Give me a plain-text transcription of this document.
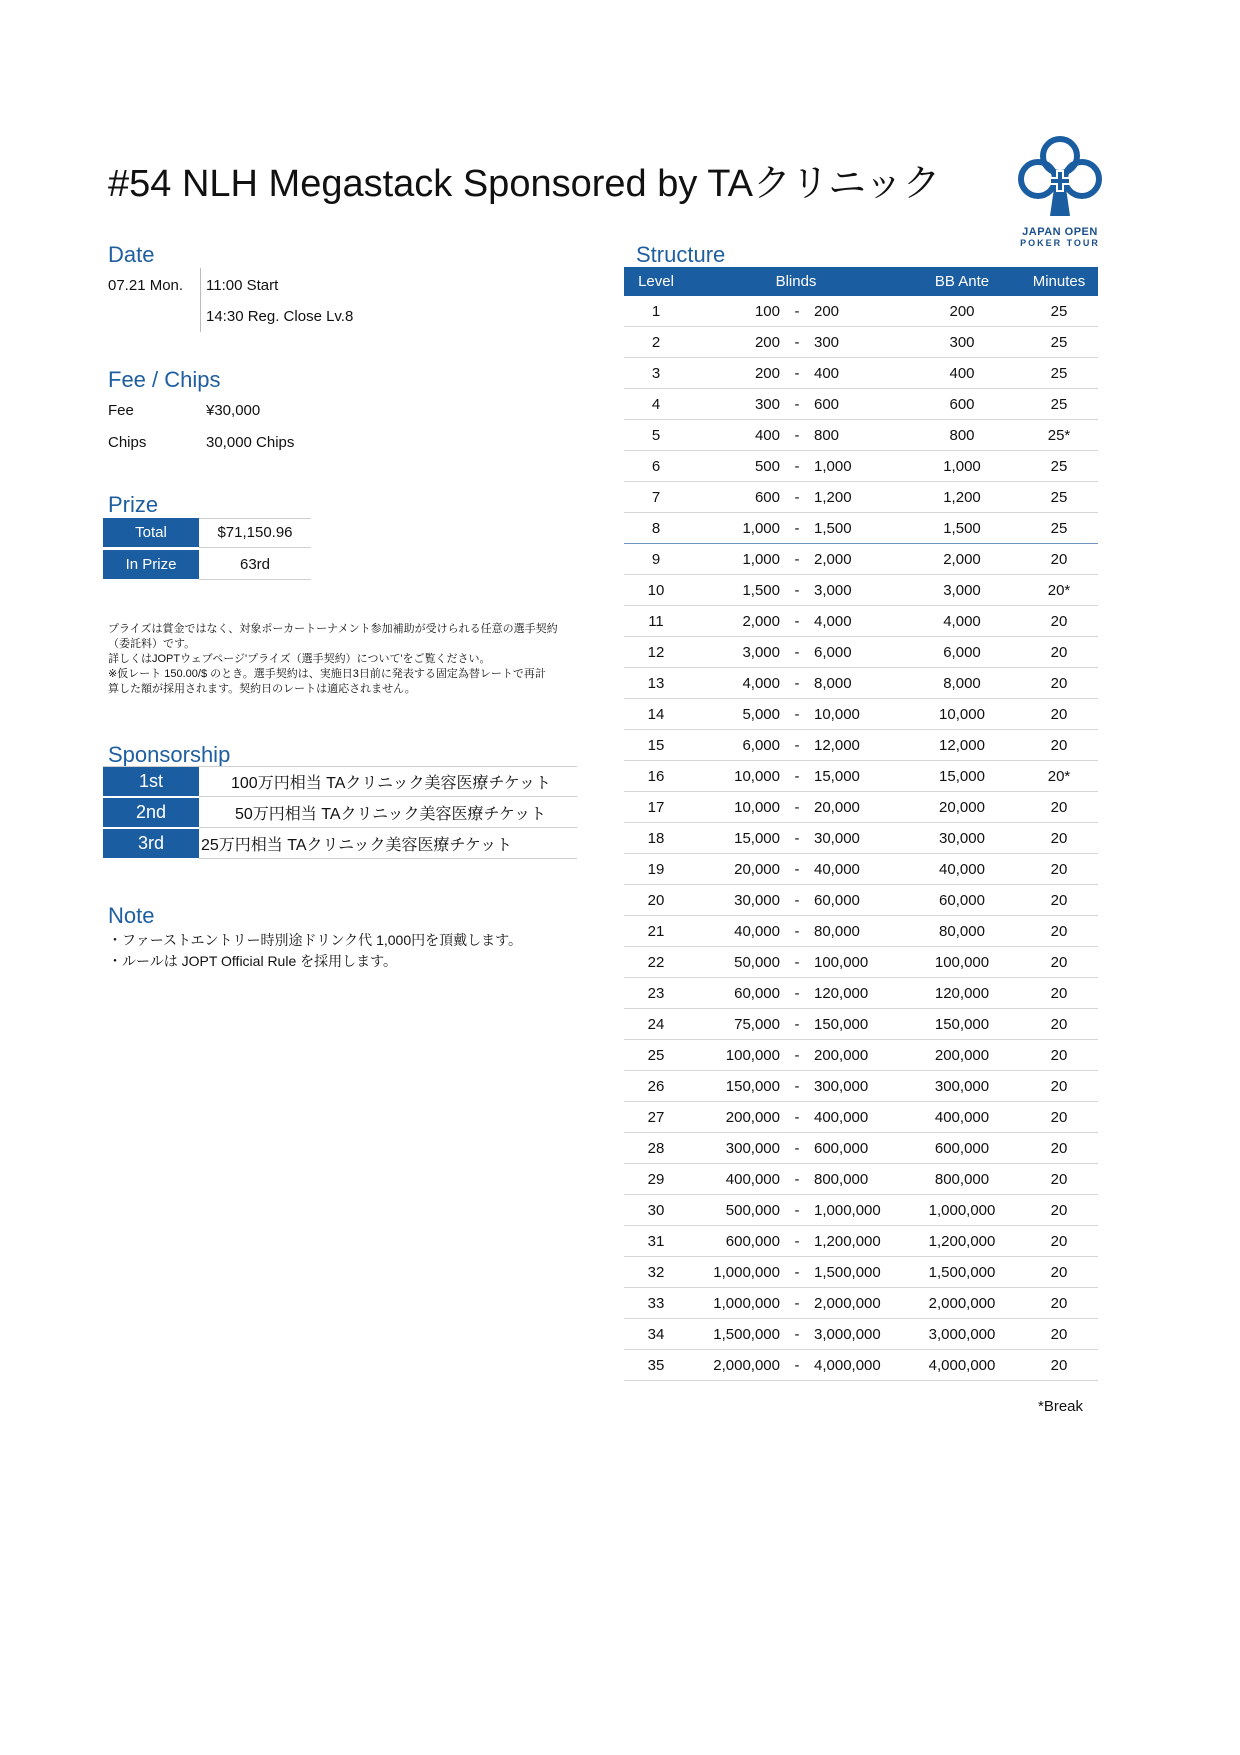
#54 NLH Megastack Sponsored by TAクリニック
JAPAN OPEN
POKER TOUR
Date
07.21 Mon. 11:00 Start
14:30 Reg. Close Lv.8
Fee / Chips
Fee	¥30,000
Chips	30,000 Chips
Prize
Total	$71,150.96
In Prize	63rd
プライズは賞金ではなく、対象ポーカートーナメント参加補助が受けられる任意の選手契約
（委託料）です。
詳しくはJOPTウェブページ'プライズ（選手契約）について'をご覧ください。
※仮レート 150.00/$ のとき。選手契約は、実施日3日前に発表する固定為替レートで再計
算した額が採用されます。契約日のレートは適応されません。
Sponsorship
1st	100万円相当 TAクリニック美容医療チケット
2nd	50万円相当 TAクリニック美容医療チケット
3rd	25万円相当 TAクリニック美容医療チケット
Note
・ファーストエントリー時別途ドリンク代 1,000円を頂戴します。
・ルールは JOPT Official Rule を採用します。
Structure
Level	Blinds	BB Ante	Minutes
1	100 - 200	200	25
2	200 - 300	300	25
3	200 - 400	400	25
4	300 - 600	600	25
5	400 - 800	800	25*
6	500 - 1,000	1,000	25
7	600 - 1,200	1,200	25
8	1,000 - 1,500	1,500	25
9	1,000 - 2,000	2,000	20
10	1,500 - 3,000	3,000	20*
11	2,000 - 4,000	4,000	20
12	3,000 - 6,000	6,000	20
13	4,000 - 8,000	8,000	20
14	5,000 - 10,000	10,000	20
15	6,000 - 12,000	12,000	20
16	10,000 - 15,000	15,000	20*
17	10,000 - 20,000	20,000	20
18	15,000 - 30,000	30,000	20
19	20,000 - 40,000	40,000	20
20	30,000 - 60,000	60,000	20
21	40,000 - 80,000	80,000	20
22	50,000 - 100,000	100,000	20
23	60,000 - 120,000	120,000	20
24	75,000 - 150,000	150,000	20
25	100,000 - 200,000	200,000	20
26	150,000 - 300,000	300,000	20
27	200,000 - 400,000	400,000	20
28	300,000 - 600,000	600,000	20
29	400,000 - 800,000	800,000	20
30	500,000 - 1,000,000	1,000,000	20
31	600,000 - 1,200,000	1,200,000	20
32	1,000,000 - 1,500,000	1,500,000	20
33	1,000,000 - 2,000,000	2,000,000	20
34	1,500,000 - 3,000,000	3,000,000	20
35	2,000,000 - 4,000,000	4,000,000	20
*Break
